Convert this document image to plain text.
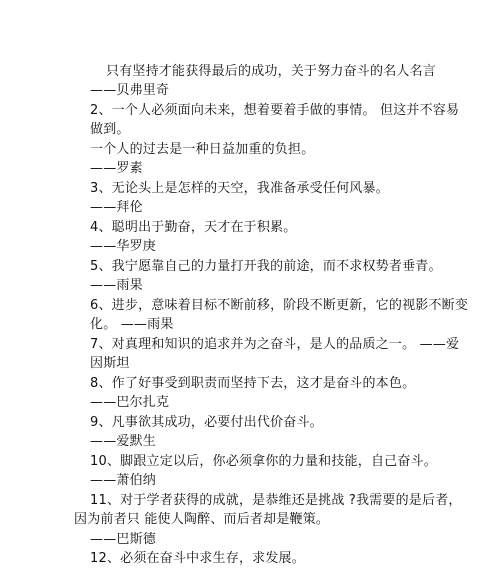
只有坚持才能获得最后的成功，关于努力奋斗的名人名言
——贝弗里奇
2、一个人必须面向未来，想着要着手做的事情。 但这并不容易
做到。
一个人的过去是一种日益加重的负担。
——罗素
3、无论头上是怎样的天空，我准备承受任何风暴。
——拜伦
4、聪明出于勤奋，天才在于积累。
——华罗庚
5、我宁愿靠自己的力量打开我的前途，而不求权势者垂青。
——雨果
6、进步，意味着目标不断前移，阶段不断更新，它的视影不断变
化。 ——雨果
7、对真理和知识的追求并为之奋斗，是人的品质之一。 ——爱
因斯坦
8、作了好事受到职责而坚持下去，这才是奋斗的本色。
——巴尔扎克
9、凡事欲其成功，必要付出代价奋斗。
——爱默生
10、脚跟立定以后，你必须拿你的力量和技能，自己奋斗。
——萧伯纳
11、对于学者获得的成就，是恭维还是挑战 ?我需要的是后者，
因为前者只 能使人陶醉、而后者却是鞭策。
——巴斯德
12、必须在奋斗中求生存，求发展。
